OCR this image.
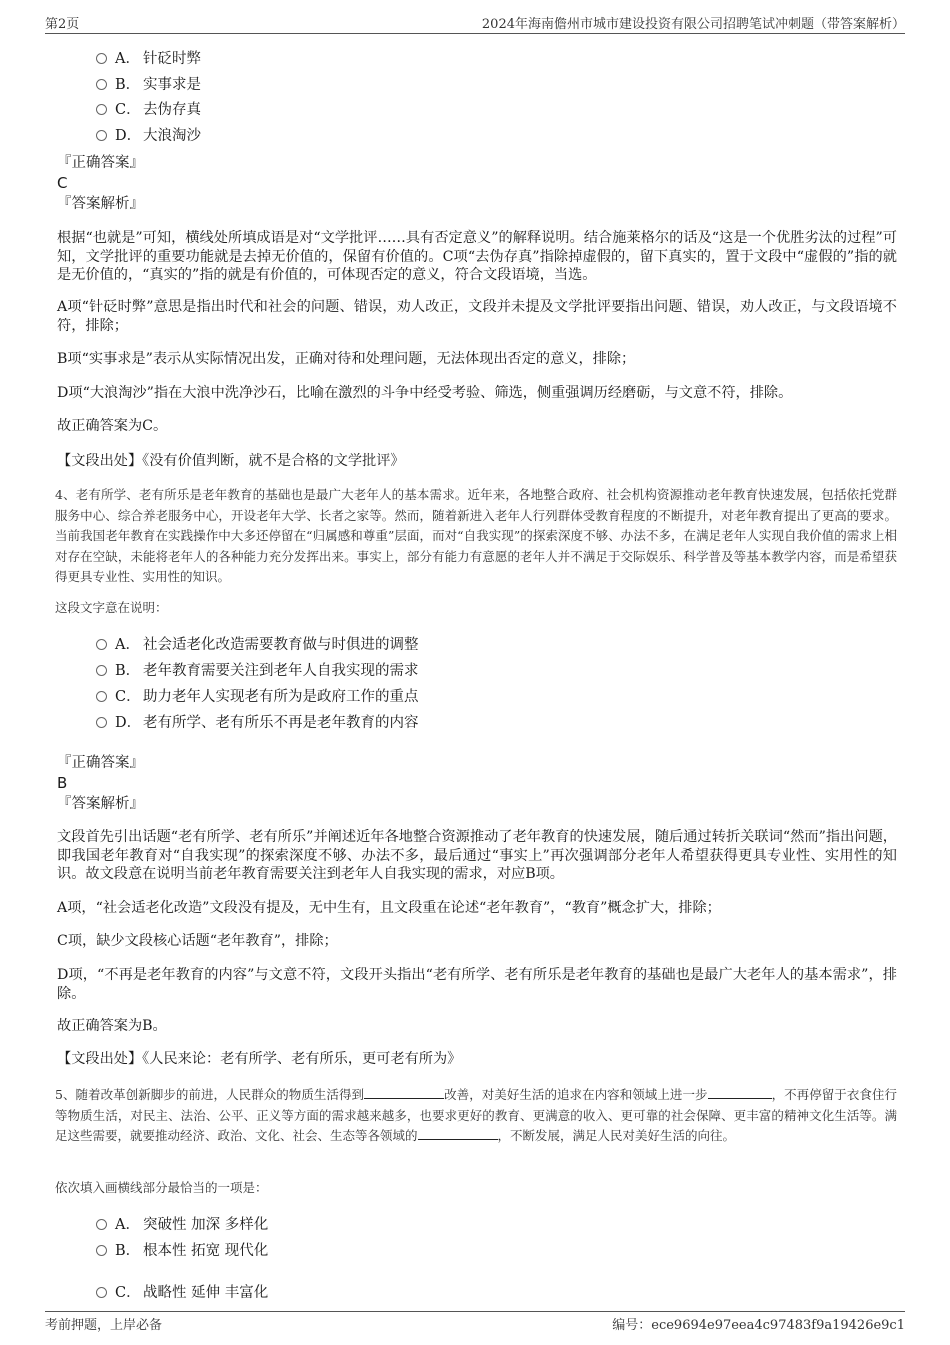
第2页	2024年海南儋州市城市建设投资有限公司招聘笔试冲刺题（带答案解析）
A． 针砭时弊
B． 实事求是
C． 去伪存真
D． 大浪淘沙
『正确答案』
C
『答案解析』
根据“也就是”可知，横线处所填成语是对“文学批评……具有否定意义”的解释说明。结合施莱格尔的话及“这是一个优胜劣汰的过程”可知，文学批评的重要功能就是去掉无价值的，保留有价值的。C项“去伪存真”指除掉虚假的，留下真实的，置于文段中“虚假的”指的就是无价值的，“真实的”指的就是有价值的，可体现否定的意义，符合文段语境，当选。
A项“针砭时弊”意思是指出时代和社会的问题、错误，劝人改正，文段并未提及文学批评要指出问题、错误，劝人改正，与文段语境不符，排除；
B项“实事求是”表示从实际情况出发，正确对待和处理问题，无法体现出否定的意义，排除；
D项“大浪淘沙”指在大浪中洗净沙石，比喻在激烈的斗争中经受考验、筛选，侧重强调历经磨砺，与文意不符，排除。
故正确答案为C。
【文段出处】《没有价值判断，就不是合格的文学批评》
4、老有所学、老有所乐是老年教育的基础也是最广大老年人的基本需求。近年来，各地整合政府、社会机构资源推动老年教育快速发展，包括依托党群服务中心、综合养老服务中心，开设老年大学、长者之家等。然而，随着新进入老年人行列群体受教育程度的不断提升，对老年教育提出了更高的要求。当前我国老年教育在实践操作中大多还停留在“归属感和尊重”层面，而对“自我实现”的探索深度不够、办法不多，在满足老年人实现自我价值的需求上相对存在空缺，未能将老年人的各种能力充分发挥出来。事实上，部分有能力有意愿的老年人并不满足于交际娱乐、科学普及等基本教学内容，而是希望获得更具专业性、实用性的知识。
这段文字意在说明：
A． 社会适老化改造需要教育做与时俱进的调整
B． 老年教育需要关注到老年人自我实现的需求
C． 助力老年人实现老有所为是政府工作的重点
D． 老有所学、老有所乐不再是老年教育的内容
『正确答案』
B
『答案解析』
文段首先引出话题“老有所学、老有所乐”并阐述近年各地整合资源推动了老年教育的快速发展，随后通过转折关联词“然而”指出问题，即我国老年教育对“自我实现”的探索深度不够、办法不多，最后通过“事实上”再次强调部分老年人希望获得更具专业性、实用性的知识。故文段意在说明当前老年教育需要关注到老年人自我实现的需求，对应B项。
A项，“社会适老化改造”文段没有提及，无中生有，且文段重在论述“老年教育”，“教育”概念扩大，排除；
C项，缺少文段核心话题“老年教育”，排除；
D项，“不再是老年教育的内容”与文意不符，文段开头指出“老有所学、老有所乐是老年教育的基础也是最广大老年人的基本需求”，排除。
故正确答案为B。
【文段出处】《人民来论：老有所学、老有所乐，更可老有所为》
5、随着改革创新脚步的前进，人民群众的物质生活得到	改善，对美好生活的追求在内容和领域上进一步	，不再停留于衣食住行等物质生活，对民主、法治、公平、正义等方面的需求越来越多，也要求更好的教育、更满意的收入、更可靠的社会保障、更丰富的精神文化生活等。满足这些需要，就要推动经济、政治、文化、社会、生态等各领域的	，不断发展，满足人民对美好生活的向往。
依次填入画横线部分最恰当的一项是：
A． 突破性 加深 多样化
B． 根本性 拓宽 现代化
C． 战略性 延伸 丰富化
考前押题，上岸必备	编号：ece9694e97eea4c97483f9a19426e9c1
